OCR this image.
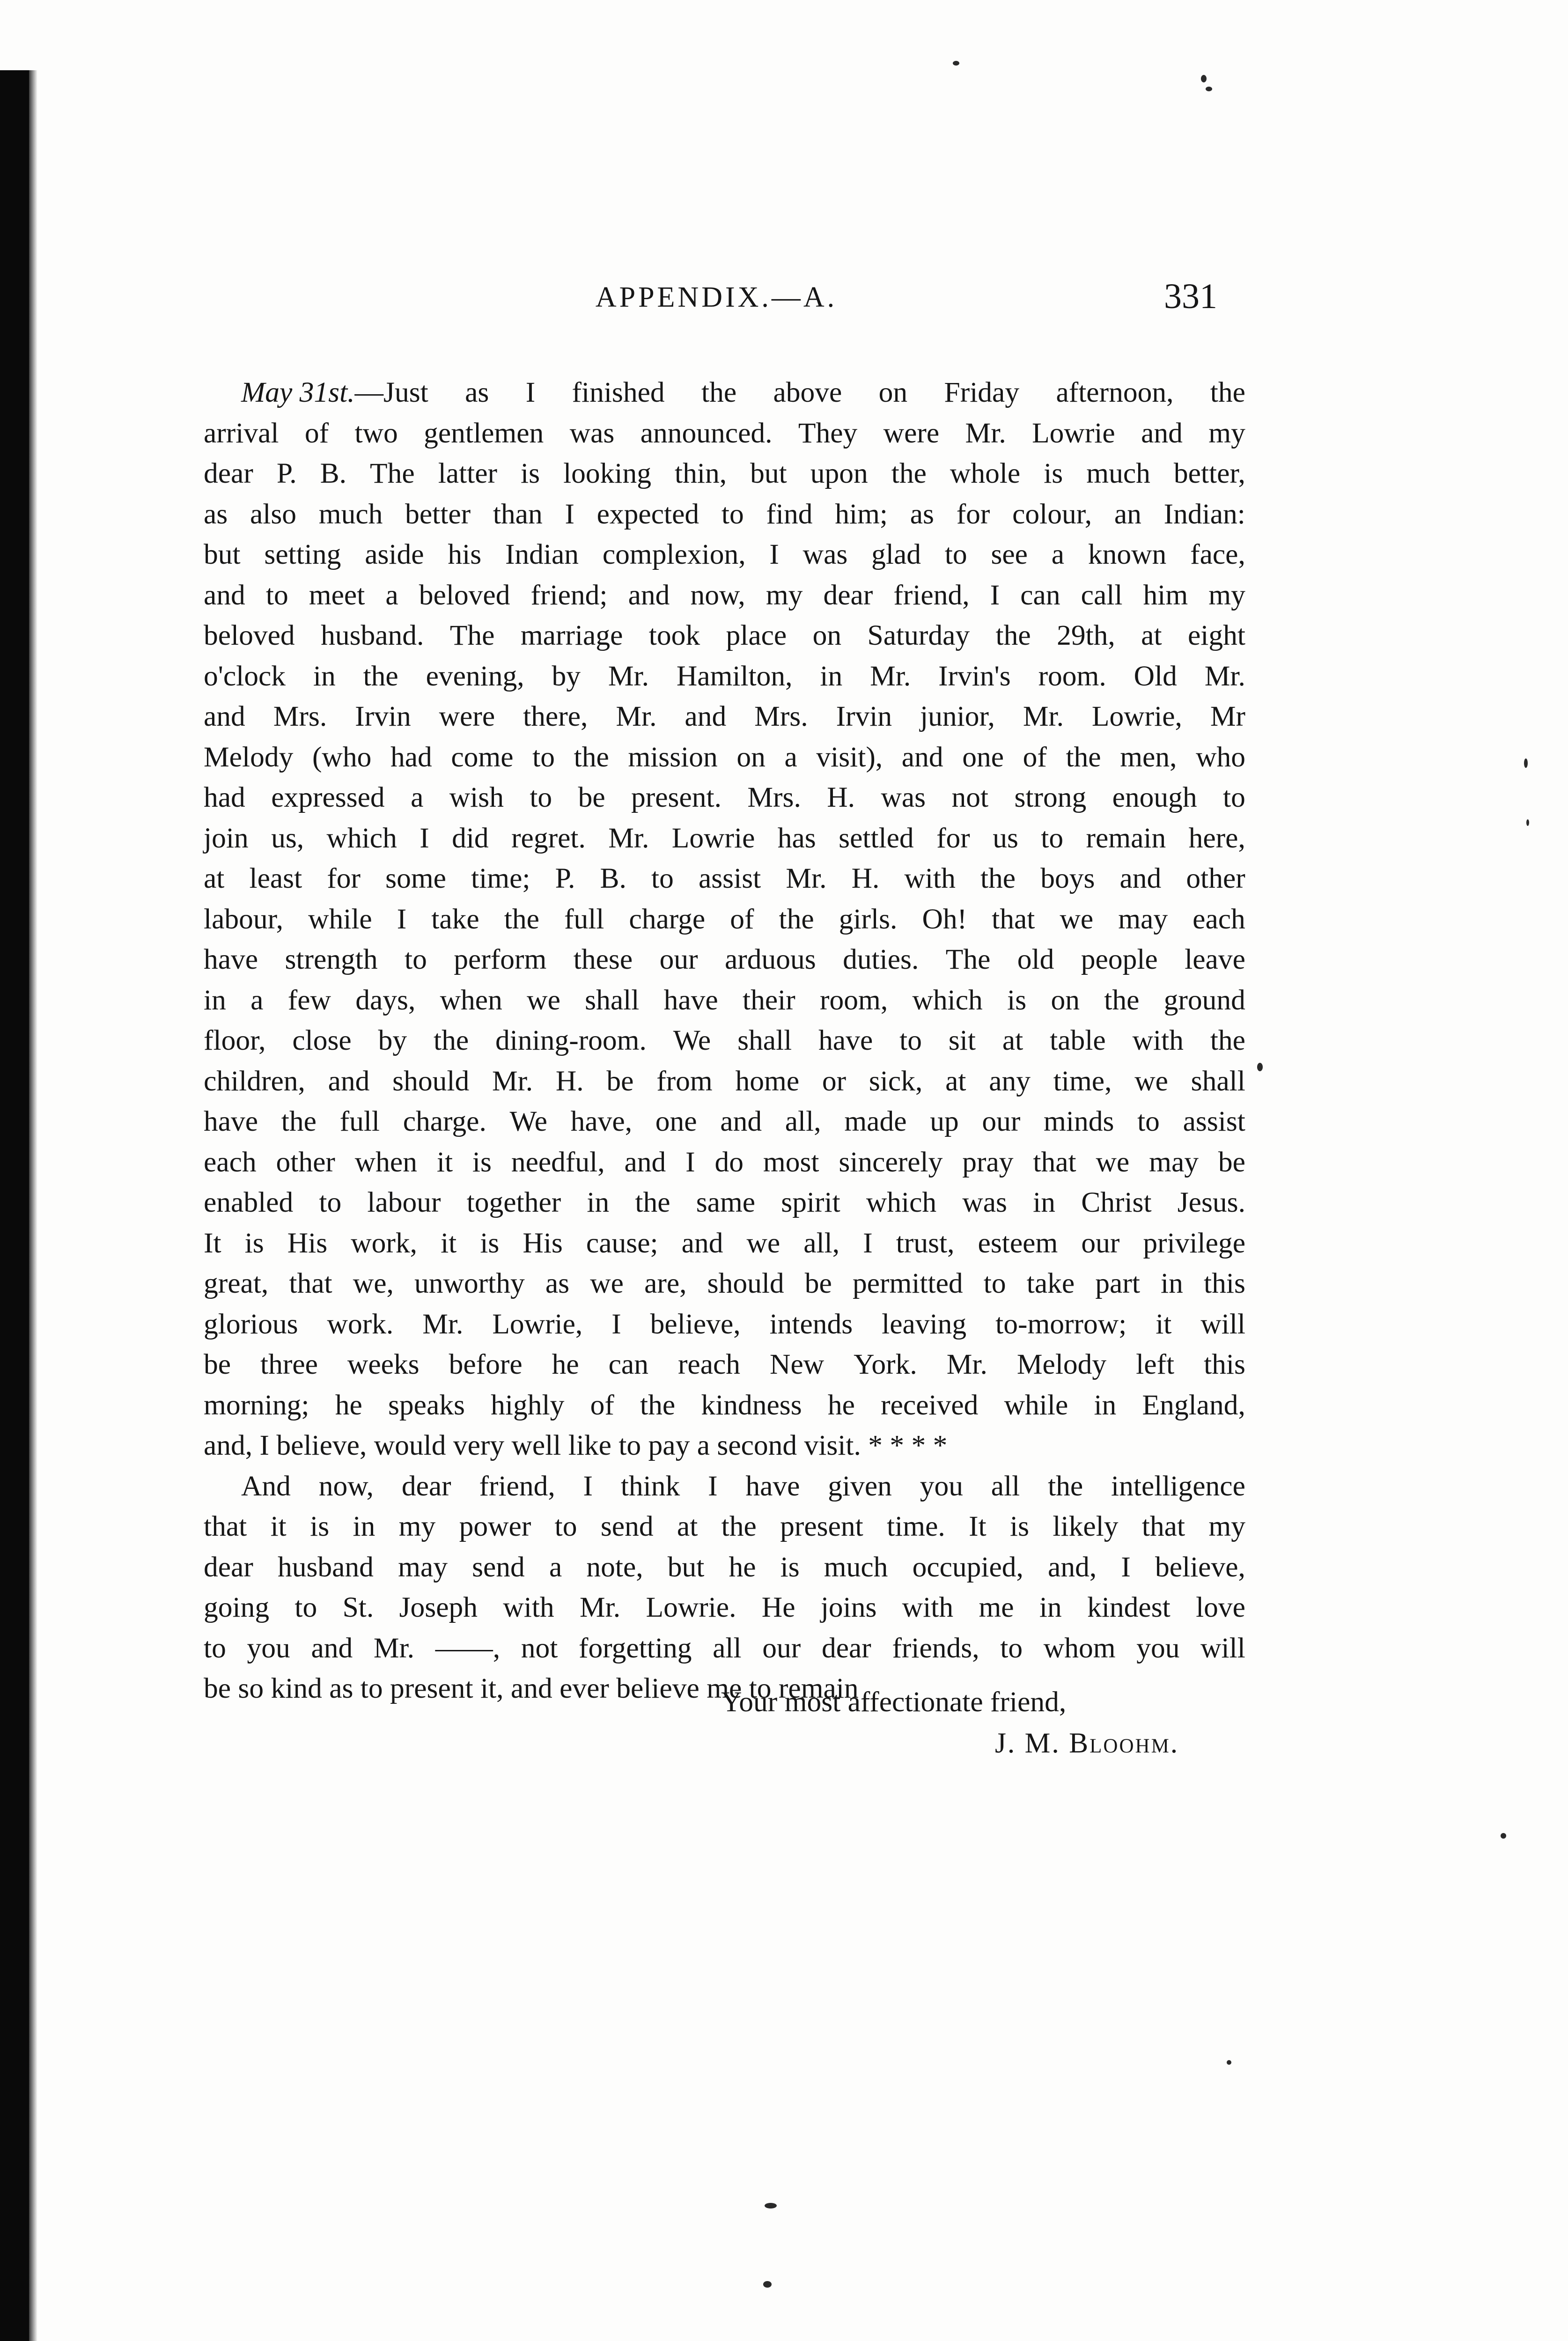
APPENDIX.—A.	331
May 31st. —Just as I finished the above on Friday afternoon, the
arrival of two gentlemen was announced. They were Mr. Lowrie and my
dear P. B. The latter is looking thin, but upon the whole is much better,
as also much better than I expected to find him; as for colour, an Indian:
but setting aside his Indian complexion, I was glad to see a known face,
and to meet a beloved friend; and now, my dear friend, I can call him my
beloved husband. The marriage took place on Saturday the 29th, at eight
o'clock in the evening, by Mr. Hamilton, in Mr. Irvin's room. Old Mr.
and Mrs. Irvin were there, Mr. and Mrs. Irvin junior, Mr. Lowrie, Mr
Melody (who had come to the mission on a visit), and one of the men, who
had expressed a wish to be present. Mrs. H. was not strong enough to
join us, which I did regret. Mr. Lowrie has settled for us to remain here,
at least for some time; P. B. to assist Mr. H. with the boys and other
labour, while I take the full charge of the girls. Oh! that we may each
have strength to perform these our arduous duties. The old people leave
in a few days, when we shall have their room, which is on the ground
floor, close by the dining-room. We shall have to sit at table with the
children, and should Mr. H. be from home or sick, at any time, we shall
have the full charge. We have, one and all, made up our minds to assist
each other when it is needful, and I do most sincerely pray that we may be
enabled to labour together in the same spirit which was in Christ Jesus.
It is His work, it is His cause; and we all, I trust, esteem our privilege
great, that we, unworthy as we are, should be permitted to take part in this
glorious work. Mr. Lowrie, I believe, intends leaving to-morrow; it will
be three weeks before he can reach New York. Mr. Melody left this
morning; he speaks highly of the kindness he received while in England,
and, I believe, would very well like to pay a second visit. * * * *
And now, dear friend, I think I have given you all the intelligence
that it is in my power to send at the present time. It is likely that my
dear husband may send a note, but he is much occupied, and, I believe,
going to St. Joseph with Mr. Lowrie. He joins with me in kindest love
to you and Mr. ——, not forgetting all our dear friends, to whom you will
be so kind as to present it, and ever believe me to remain
Your most affectionate friend,
J. M. Bloohm.
